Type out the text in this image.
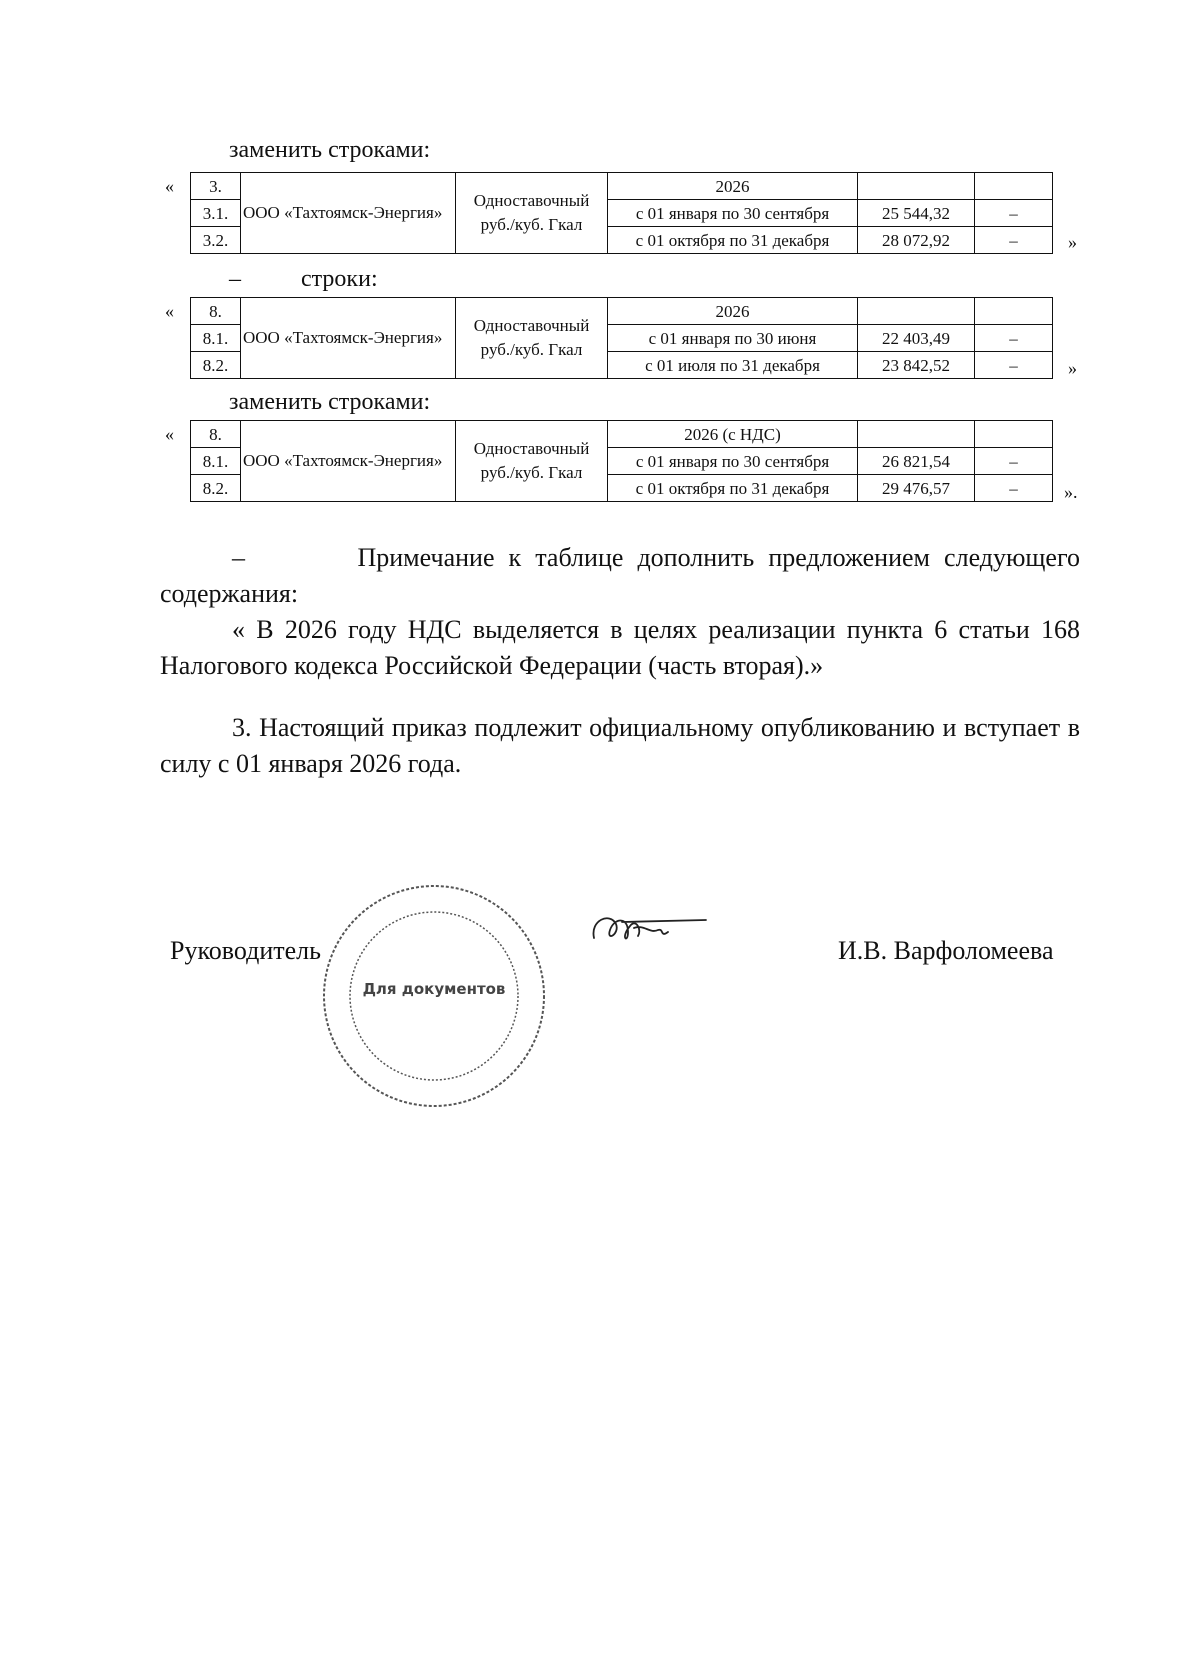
заменить строками:
« 3.	ООО «Тахтоямск-Энергия»	Одноставочный руб./куб. Гкал	2026		
3.1.			с 01 января по 30 сентября	25 544,32	–
3.2.			с 01 октября по 31 декабря	28 072,92	–	»
–	строки:
« 8.	ООО «Тахтоямск-Энергия»	Одноставочный руб./куб. Гкал	2026		
8.1.			с 01 января по 30 июня	22 403,49	–
8.2.			с 01 июля по 31 декабря	23 842,52	–	»
заменить строками:
« 8.	ООО «Тахтоямск-Энергия»	Одноставочный руб./куб. Гкал	2026 (с НДС)		
8.1.			с 01 января по 30 сентября	26 821,54	–
8.2.			с 01 октября по 31 декабря	29 476,57	–	».

–        Примечание к таблице дополнить предложением следующего содержания:

« В 2026 году НДС выделяется в целях реализации пункта 6 статьи 168 Налогового кодекса Российской Федерации (часть вторая).»

3. Настоящий приказ подлежит официальному опубликованию и вступает в силу с 01 января 2026 года.

Руководитель
Для документов
И.В. Варфоломеева
